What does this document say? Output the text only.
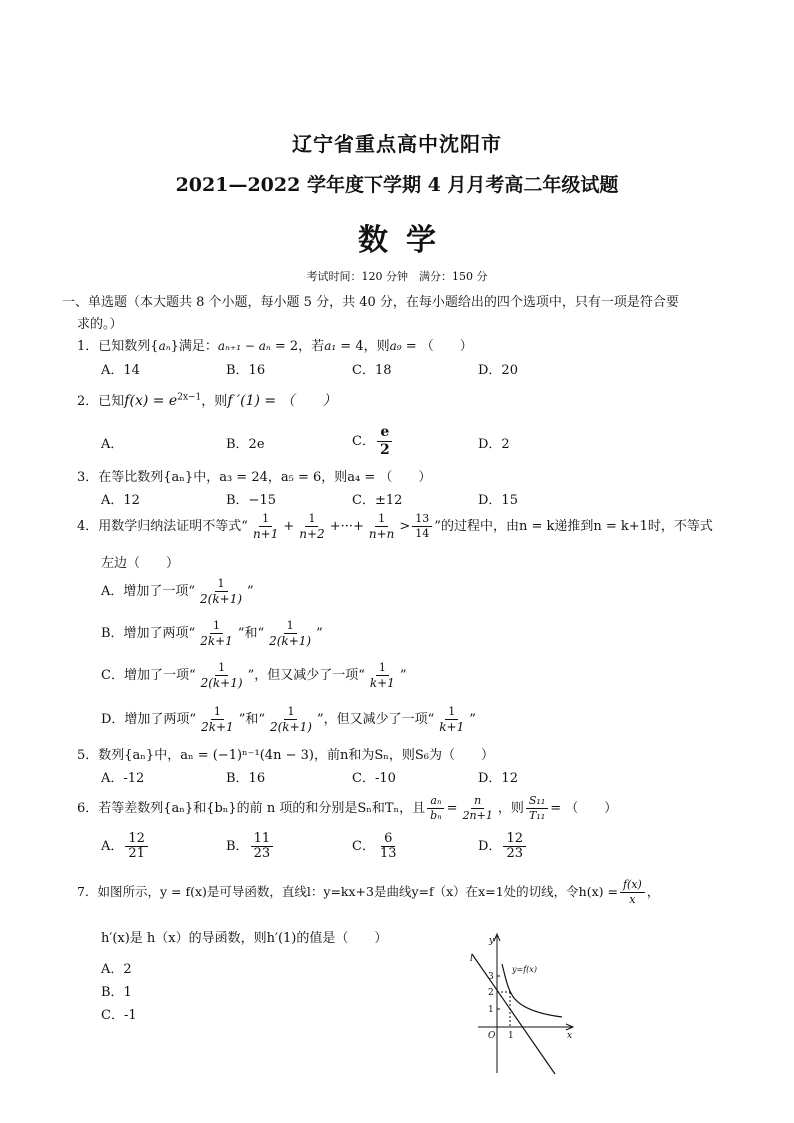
辽宁省重点高中沈阳市
2021—2022 学年度下学期 4 月月考高二年级试题
数学
考试时间：120 分钟　满分：150 分
一、单选题（本大题共 8 个小题，每小题 5 分，共 40 分，在每小题给出的四个选项中，只有一项是符合要
求的。）
1．已知数列{aₙ}满足：aₙ₊₁ − aₙ = 2，若a₁ = 4，则a₉ = （　　）
A．14	B．16	C．18	D．20
2．已知$f(x) = e^{2x-1}$，则f ′(1) = （　　）
A．	B．2e	C． $\frac{e}{2}$	D．2
3．在等比数列{aₙ}中，a₃ = 24，a₅ = 6，则a₄ = （　　）
A．12	B．−15	C．±12	D．15
4．用数学归纳法证明不等式“ $\frac{1}{n+1} + \frac{1}{n+2}$ +···+ $\frac{1}{n+n} > \frac{13}{14}$ ”的过程中，由n = k递推到n = k+1时，不等式
左边（　　）
A．增加了一项“ $\frac{1}{2(k+1)}$ ”
B．增加了两项“ $\frac{1}{2k+1}$ ”和“ $\frac{1}{2(k+1)}$ ”
C．增加了一项“ $\frac{1}{2(k+1)}$ ”，但又减少了一项“ $\frac{1}{k+1}$ ”
D．增加了两项“ $\frac{1}{2k+1}$ ”和“ $\frac{1}{2(k+1)}$ ”，但又减少了一项“ $\frac{1}{k+1}$ ”
5．数列{aₙ}中，aₙ = (−1)ⁿ⁻¹(4n − 3)，前n和为Sₙ，则S₆为（　　）
A．-12	B．16	C．-10	D．12
6．若等差数列{aₙ}和{bₙ}的前 n 项的和分别是Sₙ和Tₙ，且 $\frac{\text{aₙ}}{\text{bₙ}} = \frac{n}{2n+1}$ ，则 $\frac{\text{S₁₁}}{\text{T₁₁}}$ = （　　）
A． $\frac{12}{21}$	B． $\frac{11}{23}$	C． $\frac{6}{13}$	D． $\frac{12}{23}$
7．如图所示，y = f(x)是可导函数，直线l：y=kx+3是曲线y=f（x）在x=1处的切线，令$h(x) = \frac{f(x)}{x}$ ，
h′(x)是 h（x）的导函数，则h′(1)的值是（　　）
A．2
B．1
C．-1
y
x
l
y=f(x)
O
3
2
1
1
